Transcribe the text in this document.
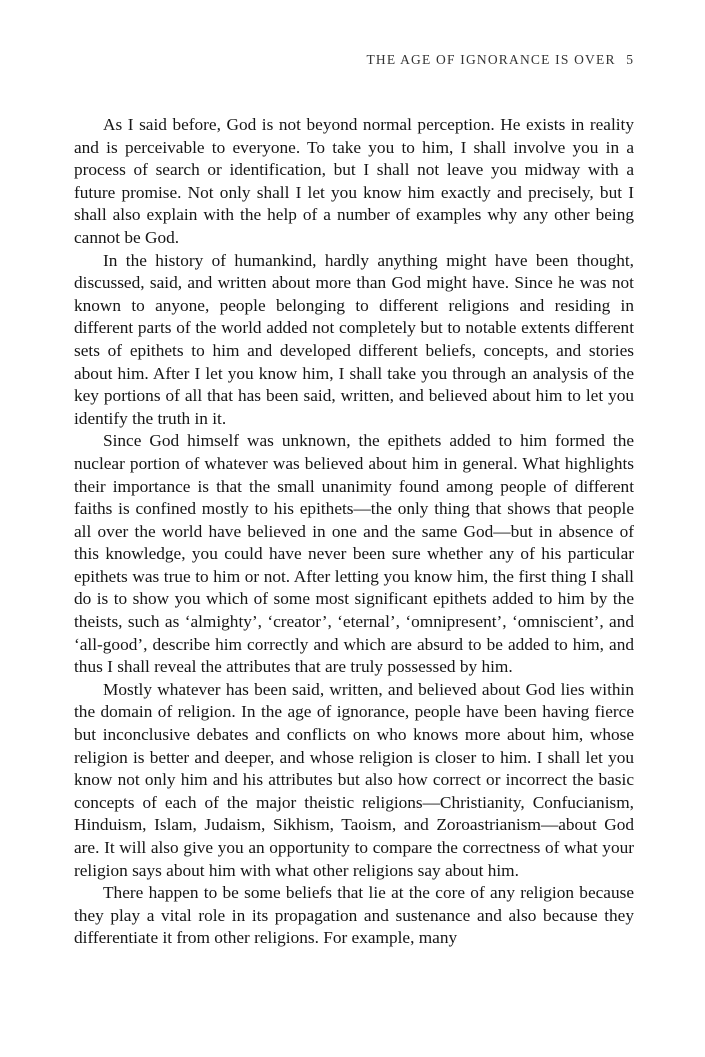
THE AGE OF IGNORANCE IS OVER 5

As I said before, God is not beyond normal perception. He exists in reality and is perceivable to everyone. To take you to him, I shall involve you in a process of search or identification, but I shall not leave you midway with a future promise. Not only shall I let you know him exactly and precisely, but I shall also explain with the help of a number of examples why any other being cannot be God.

In the history of humankind, hardly anything might have been thought, discussed, said, and written about more than God might have. Since he was not known to anyone, people belonging to different religions and residing in different parts of the world added not completely but to notable extents different sets of epithets to him and developed different beliefs, concepts, and stories about him. After I let you know him, I shall take you through an analysis of the key portions of all that has been said, written, and believed about him to let you identify the truth in it.

Since God himself was unknown, the epithets added to him formed the nuclear portion of whatever was believed about him in general. What highlights their importance is that the small unanimity found among people of different faiths is confined mostly to his epithets—the only thing that shows that people all over the world have believed in one and the same God—but in absence of this knowledge, you could have never been sure whether any of his particular epithets was true to him or not. After letting you know him, the first thing I shall do is to show you which of some most significant epithets added to him by the theists, such as ‘almighty’, ‘creator’, ‘eternal’, ‘omnipresent’, ‘omniscient’, and ‘all-good’, describe him correctly and which are absurd to be added to him, and thus I shall reveal the attributes that are truly possessed by him.

Mostly whatever has been said, written, and believed about God lies within the domain of religion. In the age of ignorance, people have been having fierce but inconclusive debates and conflicts on who knows more about him, whose religion is better and deeper, and whose religion is closer to him. I shall let you know not only him and his attributes but also how correct or incorrect the basic concepts of each of the major theistic religions—Christianity, Confucianism, Hinduism, Islam, Judaism, Sikhism, Taoism, and Zoroastrianism—about God are. It will also give you an opportunity to compare the correctness of what your religion says about him with what other religions say about him.

There happen to be some beliefs that lie at the core of any religion because they play a vital role in its propagation and sustenance and also because they differentiate it from other religions. For example, many
